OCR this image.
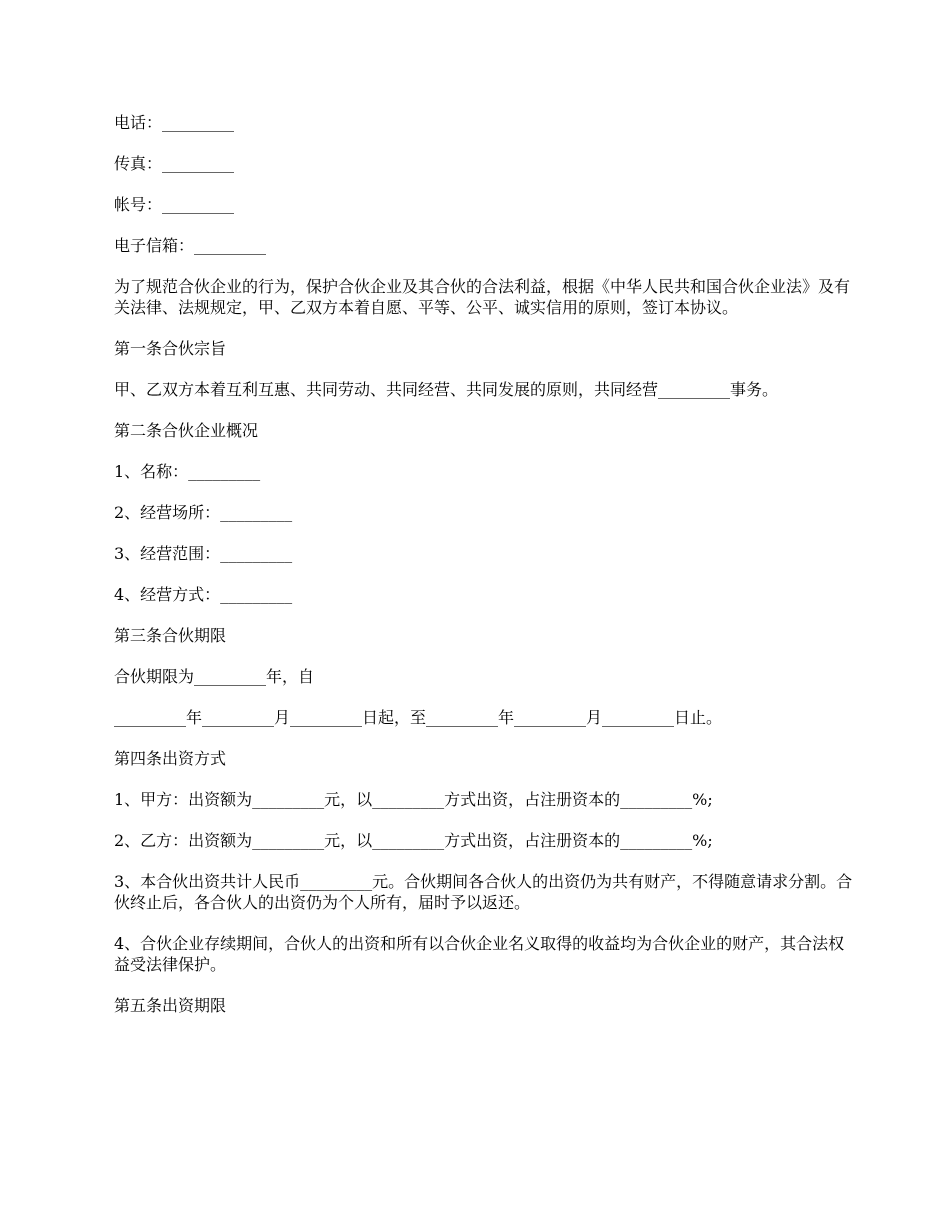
电话：_________

传真：_________

帐号：_________

电子信箱：_________

为了规范合伙企业的行为，保护合伙企业及其合伙的合法利益，根据《中华人民共和国合伙企业法》及有关法律、法规规定，甲、乙双方本着自愿、平等、公平、诚实信用的原则，签订本协议。

第一条合伙宗旨

甲、乙双方本着互利互惠、共同劳动、共同经营、共同发展的原则，共同经营_________事务。

第二条合伙企业概况

1、名称：_________

2、经营场所：_________

3、经营范围：_________

4、经营方式：_________

第三条合伙期限

合伙期限为_________年，自

_________年_________月_________日起，至_________年_________月_________日止。

第四条出资方式

1、甲方：出资额为_________元，以_________方式出资，占注册资本的_________%;

2、乙方：出资额为_________元，以_________方式出资，占注册资本的_________%;

3、本合伙出资共计人民币_________元。合伙期间各合伙人的出资仍为共有财产，不得随意请求分割。合伙终止后，各合伙人的出资仍为个人所有，届时予以返还。

4、合伙企业存续期间，合伙人的出资和所有以合伙企业名义取得的收益均为合伙企业的财产，其合法权益受法律保护。

第五条出资期限
